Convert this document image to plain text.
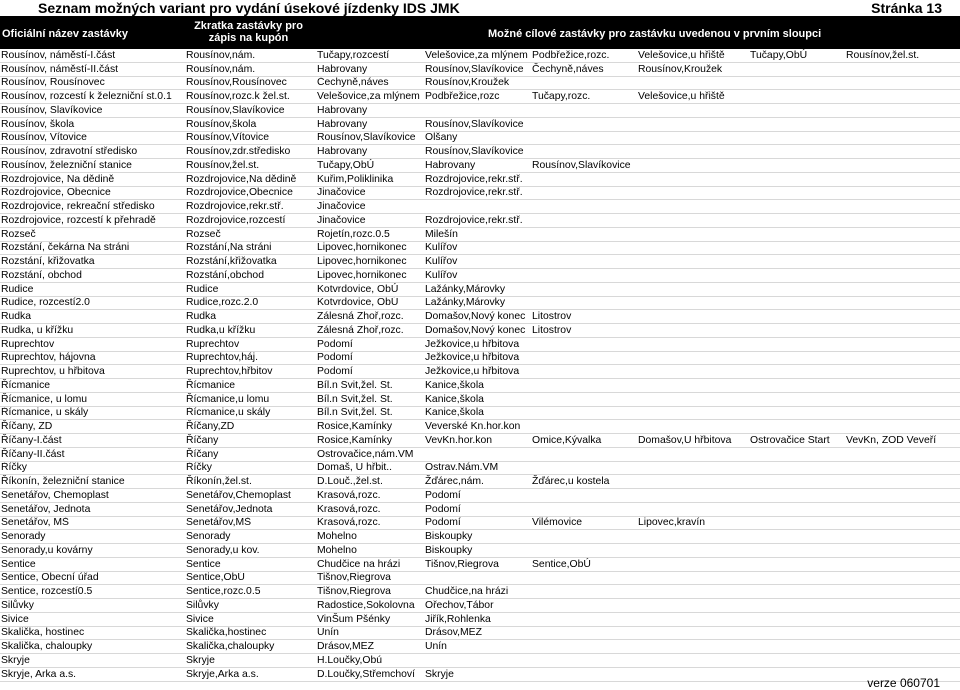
Seznam možných variant pro vydání úsekové jízdenky IDS JMK	Stránka 13
Oficiální název zastávky
Zkratka zastávky pro zápis na kupón	Možné cílové zastávky pro zastávku uvedenou v prvním sloupci
Rousínov, náměstí-I.část	Rousínov,nám.	Tučapy,rozcestí	Velešovice,za mlýnem	Podbřežice,rozc.	Velešovice,u hřiště	Tučapy,ObÚ	Rousínov,žel.st.
Rousínov, náměstí-II.část	Rousínov,nám.	Habrovany	Rousínov,Slavíkovice	Čechyně,náves	Rousínov,Kroužek		
Rousínov, Rousínovec	Rousínov,Rousínovec	Čechyně,náves	Rousínov,Kroužek				
Rousínov, rozcestí k železniční st.0.1	Rousínov,rozc.k žel.st.	Velešovice,za mlýnem	Podbřežice,rozc	Tučapy,rozc.	Velešovice,u hřiště		
Rousínov, Slavíkovice	Rousínov,Slavíkovice	Habrovany					
Rousínov, škola	Rousínov,škola	Habrovany	Rousínov,Slavíkovice				
Rousínov, Vítovice	Rousínov,Vítovice	Rousínov,Slavíkovice	Olšany				
Rousínov, zdravotní středisko	Rousínov,zdr.středisko	Habrovany	Rousínov,Slavíkovice				
Rousínov, železniční stanice	Rousínov,žel.st.	Tučapy,ObÚ	Habrovany	Rousínov,Slavíkovice			
Rozdrojovice, Na dědině	Rozdrojovice,Na dědině	Kuřim,Poliklinika	Rozdrojovice,rekr.stř.				
Rozdrojovice, Obecnice	Rozdrojovice,Obecnice	Jinačovice	Rozdrojovice,rekr.stř.				
Rozdrojovice, rekreační středisko	Rozdrojovice,rekr.stř.	Jinačovice					
Rozdrojovice, rozcestí k přehradě	Rozdrojovice,rozcestí	Jinačovice	Rozdrojovice,rekr.stř.				
Rozseč	Rozseč	Rojetín,rozc.0.5	Milešín				
Rozstání, čekárna Na stráni	Rozstání,Na stráni	Lipovec,hornikonec	Kulířov				
Rozstání, křižovatka	Rozstání,křižovatka	Lipovec,hornikonec	Kulířov				
Rozstání, obchod	Rozstání,obchod	Lipovec,hornikonec	Kulířov				
Rudice	Rudice	Kotvrdovice, ObÚ	Lažánky,Márovky				
Rudice, rozcestí2.0	Rudice,rozc.2.0	Kotvrdovice, ObÚ	Lažánky,Márovky				
Rudka	Rudka	Zálesná Zhoř,rozc.	Domašov,Nový konec	Litostrov			
Rudka, u křížku	Rudka,u křížku	Zálesná Zhoř,rozc.	Domašov,Nový konec	Litostrov			
Ruprechtov	Ruprechtov	Podomí	Ježkovice,u hřbitova				
Ruprechtov, hájovna	Ruprechtov,háj.	Podomí	Ježkovice,u hřbitova				
Ruprechtov, u hřbitova	Ruprechtov,hřbitov	Podomí	Ježkovice,u hřbitova				
Řícmanice	Řícmanice	Bíl.n Svit,žel. St.	Kanice,škola				
Řícmanice, u lomu	Řícmanice,u lomu	Bíl.n Svit,žel. St.	Kanice,škola				
Řícmanice, u skály	Řícmanice,u skály	Bíl.n Svit,žel. St.	Kanice,škola				
Říčany, ZD	Říčany,ZD	Rosice,Kamínky	Veverské Kn.hor.kon				
Říčany-I.část	Říčany	Rosice,Kamínky	VevKn.hor.kon	Omice,Kývalka	Domašov,U hřbitova	Ostrovačice Start	VevKn, ZOD Veveří
Říčany-II.část	Říčany	Ostrovačice,nám.VM					
Říčky	Říčky	Domaš, U hřbit..	Ostrav.Nám.VM				
Říkonín, železniční stanice	Říkonín,žel.st.	D.Louč.,žel.st.	Žďárec,nám.	Žďárec,u kostela			
Senetářov, Chemoplast	Senetářov,Chemoplast	Krasová,rozc.	Podomí				
Senetářov, Jednota	Senetářov,Jednota	Krasová,rozc.	Podomí				
Senetářov, MŠ	Senetářov,MŠ	Krasová,rozc.	Podomí	Vilémovice	Lipovec,kravín		
Senorady	Senorady	Mohelno	Biskoupky				
Senorady,u kovárny	Senorady,u kov.	Mohelno	Biskoupky				
Sentice	Sentice	Chudčice na hrázi	Tišnov,Riegrova	Sentice,ObÚ			
Sentice, Obecní úřad	Sentice,ObÚ	Tišnov,Riegrova					
Sentice, rozcestí0.5	Sentice,rozc.0.5	Tišnov,Riegrova	Chudčice,na hrázi				
Silůvky	Silůvky	Radostice,Sokolovna	Ořechov,Tábor				
Sivice	Sivice	VinŠum Pšénky	Jiřík,Rohlenka				
Skalička, hostinec	Skalička,hostinec	Unín	Drásov,MEZ				
Skalička, chaloupky	Skalička,chaloupky	Drásov,MEZ	Unín				
Skryje	Skryje	H.Loučky,Obú					
Skryje, Arka a.s.	Skryje,Arka a.s.	D.Loučky,Střemchoví	Skryje				
verze 060701
